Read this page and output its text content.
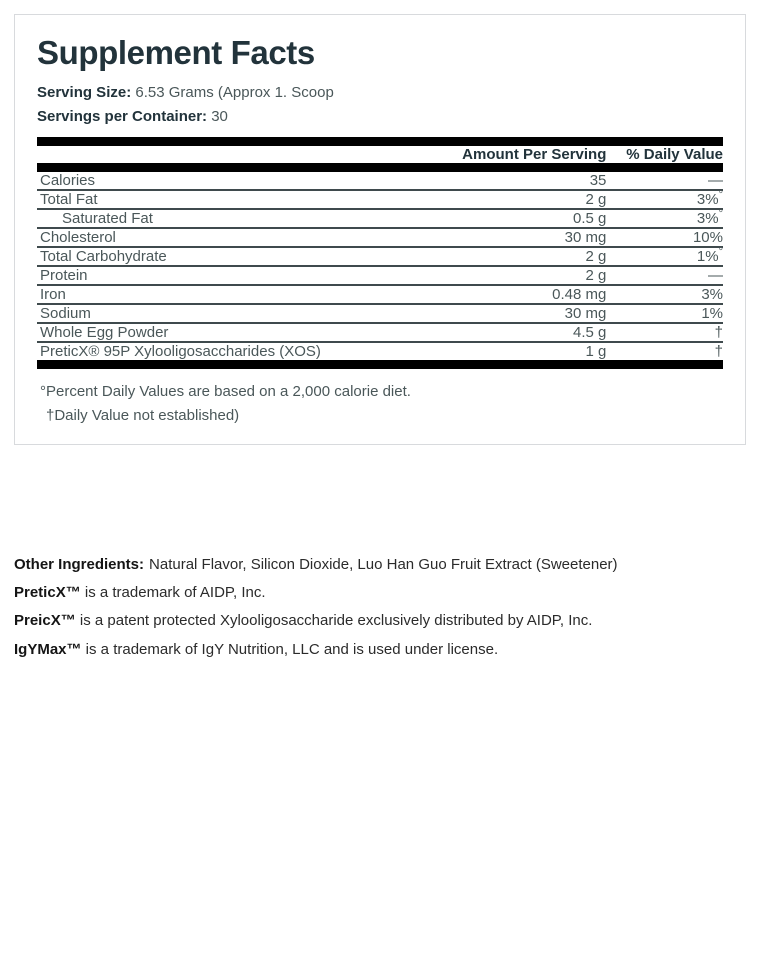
Supplement Facts
Serving Size: 6.53 Grams (Approx 1. Scoop
Servings per Container: 30
	Amount Per Serving	% Daily Value
Calories	35	—
Total Fat	2 g	3%°
Saturated Fat	0.5 g	3%°
Cholesterol	30 mg	10%
Total Carbohydrate	2 g	1%°
Protein	2 g	—
Iron	0.48 mg	3%
Sodium	30 mg	1%
Whole Egg Powder	4.5 g	†
PreticX® 95P Xylooligosaccharides (XOS)	1 g	†
°Percent Daily Values are based on a 2,000 calorie diet.
†Daily Value not established)
Other Ingredients: Natural Flavor, Silicon Dioxide, Luo Han Guo Fruit Extract (Sweetener)
PreticX™ is a trademark of AIDP, Inc.
PreicX™ is a patent protected Xylooligosaccharide exclusively distributed by AIDP, Inc.
IgYMax™ is a trademark of IgY Nutrition, LLC and is used under license.
